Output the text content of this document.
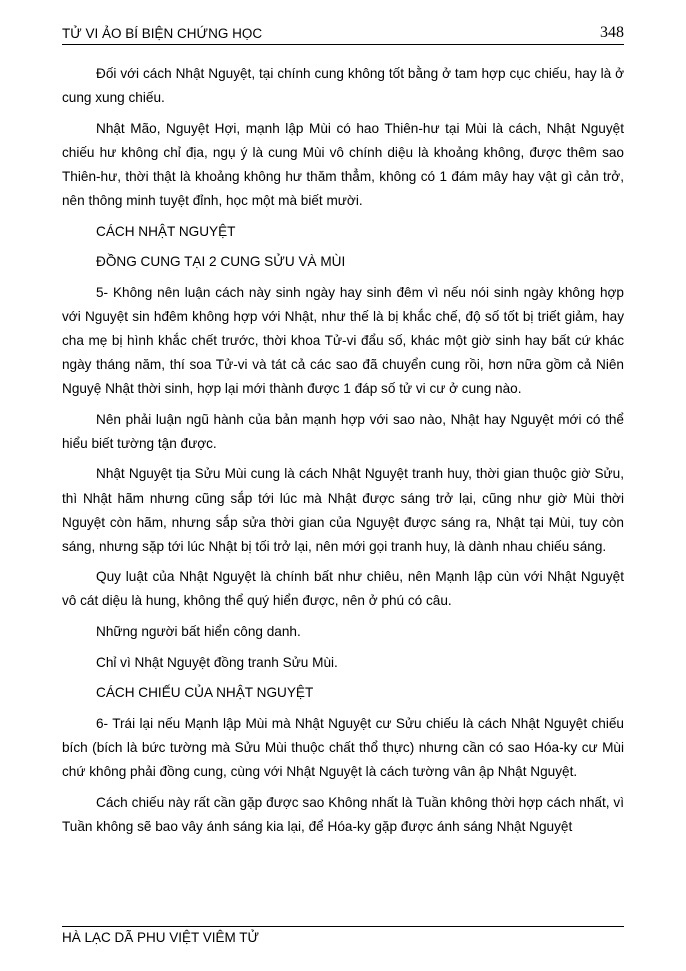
TỬ VI ẢO BÍ BIỆN CHỨNG HỌC	348

Đối với cách Nhật Nguyệt, tại chính cung không tốt bằng ở tam hợp cục chiếu, hay là ở cung xung chiếu.

Nhật Mão, Nguyệt Hợi, mạnh lập Mùi có hao Thiên-hư tại Mùi là cách, Nhật Nguyệt chiếu hư không chỉ địa, ngụ ý là cung Mùi vô chính diệu là khoảng không, được thêm sao Thiên-hư, thời thật là khoảng không hư thăm thẳm, không có 1 đám mây hay vật gì cản trở, nên thông minh tuyệt đỉnh, học một mà biết mười.

CÁCH NHẬT NGUYỆT

ĐỒNG CUNG TẠI 2 CUNG SỬU VÀ MÙI

5- Không nên luận cách này sinh ngày hay sinh đêm vì nếu nói sinh ngày không hợp với Nguyệt sin hđêm không hợp với Nhật, như thế là bị khắc chế, độ số tốt bị triết giảm, hay cha mẹ bị hình khắc chết trước, thời khoa Tử-vi đẩu số, khác một giờ sinh hay bất cứ khác ngày tháng năm, thí soa Tử-vi và tát cả các sao đã chuyển cung rồi, hơn nữa gồm cả Niên Nguyệ Nhật thời sinh, hợp lại mới thành được 1 đáp số tử vi cư ở cung nào.

Nên phải luận ngũ hành của bản mạnh hợp với sao nào, Nhật hay Nguyệt mới có thể hiểu biết tường tận được.

Nhật Nguyệt tịa Sửu Mùi cung là cách Nhật Nguyệt tranh huy, thời gian thuộc giờ Sửu, thì Nhật hãm nhưng cũng sắp tới lúc mà Nhật được sáng trở lại, cũng như giờ Mùi thời Nguyệt còn hãm, nhưng sắp sửa thời gian của Nguyệt được sáng ra, Nhật tại Mùi, tuy còn sáng, nhưng sặp tới lúc Nhật bị tối trở lại, nên mới gọi tranh huy, là dành nhau chiếu sáng.

Quy luật của Nhật Nguyệt là chính bất như chiêu, nên Mạnh lập cùn với Nhật Nguyệt vô cát diệu là hung, không thể quý hiển được, nên ở phú có câu.

Những người bất hiển công danh.

Chỉ vì Nhật Nguyệt đồng tranh Sửu Mùi.

CÁCH CHIẾU CỦA NHẬT NGUYỆT

6- Trái lại nếu Mạnh lập Mùi mà Nhật Nguyệt cư Sửu chiếu là cách Nhật Nguyệt chiếu bích (bích là bức tường mà Sửu Mùi thuộc chất thổ thực) nhưng cần có sao Hóa-ky cư Mùi chứ không phải đồng cung, cùng với Nhật Nguyệt là cách tường vân ập Nhật Nguyệt.

Cách chiếu này rất cần gặp được sao Không nhất là Tuần không thời hợp cách nhất, vì Tuần không sẽ bao vây ánh sáng kia lại, để Hóa-ky gặp được ánh sáng Nhật Nguyệt

HÀ LẠC DÃ PHU VIỆT VIÊM TỬ
